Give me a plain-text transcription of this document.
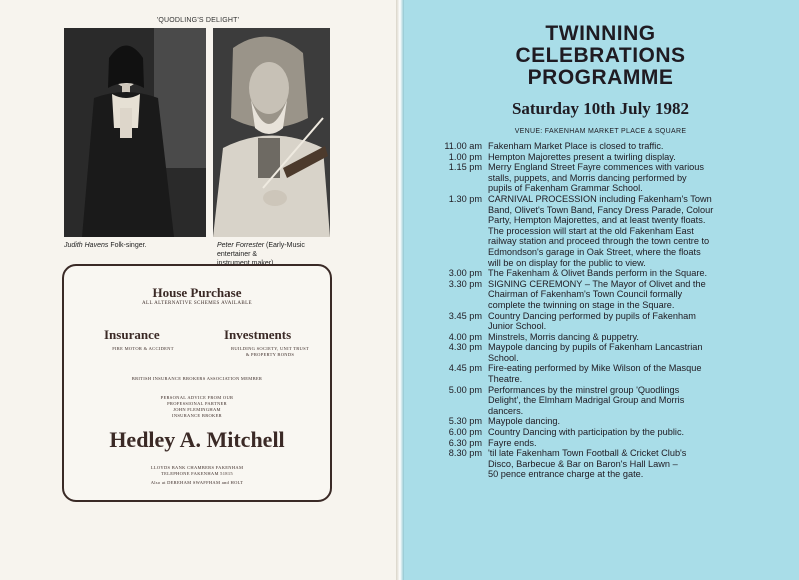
'QUODLING'S DELIGHT'
Judith Havens Folk-singer.	Peter Forrester (Early-Music entertainer &

House Purchase
ALL ALTERNATIVE SCHEMES AVAILABLE
Insurance
FIRE MOTOR & ACCIDENT
Investments
BUILDING SOCIETY, UNIT TRUST
& PROPERTY BONDS
BRITISH INSURANCE BROKERS ASSOCIATION MEMBER
PERSONAL ADVICE FROM OUR
PROFESSIONAL PARTNER
JOHN FLEMINGHAM
INSURANCE BROKER
Hedley A. Mitchell
LLOYDS BANK CHAMBERS FAKENHAM
TELEPHONE FAKENHAM 51815
Also at DEREHAM SWAFFHAM and HOLT
TWINNING
CELEBRATIONS
PROGRAMME
Saturday 10th July 1982
VENUE: FAKENHAM MARKET PLACE & SQUARE
11.00 am Fakenham Market Place is closed to traffic.
1.00 pm Hempton Majorettes present a twirling display.
1.15 pm Merry England Street Fayre commences with various
stalls, puppets, and Morris dancing performed by
pupils of Fakenham Grammar School.
1.30 pm CARNIVAL PROCESSION including Fakenham's Town
Band, Olivet's Town Band, Fancy Dress Parade, Colour
Party, Hempton Majorettes, and at least twenty floats.
The procession will start at the old Fakenham East
railway station and proceed through the town centre to
Edmondson's garage in Oak Street, where the floats
will be on display for the public to view.
3.00 pm The Fakenham & Olivet Bands perform in the Square.
3.30 pm SIGNING CEREMONY – The Mayor of Olivet and the
Chairman of Fakenham's Town Council formally
complete the twinning on stage in the Square.
3.45 pm Country Dancing performed by pupils of Fakenham
Junior School.
4.00 pm Minstrels, Morris dancing & puppetry.
4.30 pm Maypole dancing by pupils of Fakenham Lancastrian
School.
4.45 pm Fire-eating performed by Mike Wilson of the Masque
Theatre.
5.00 pm Performances by the minstrel group 'Quodlings
Delight', the Elmham Madrigal Group and Morris
dancers.
5.30 pm Maypole dancing.
6.00 pm Country Dancing with participation by the public.
6.30 pm Fayre ends.
8.30 pm 'til late Fakenham Town Football & Cricket Club's
Disco, Barbecue & Bar on Baron's Hall Lawn –
50 pence entrance charge at the gate.
